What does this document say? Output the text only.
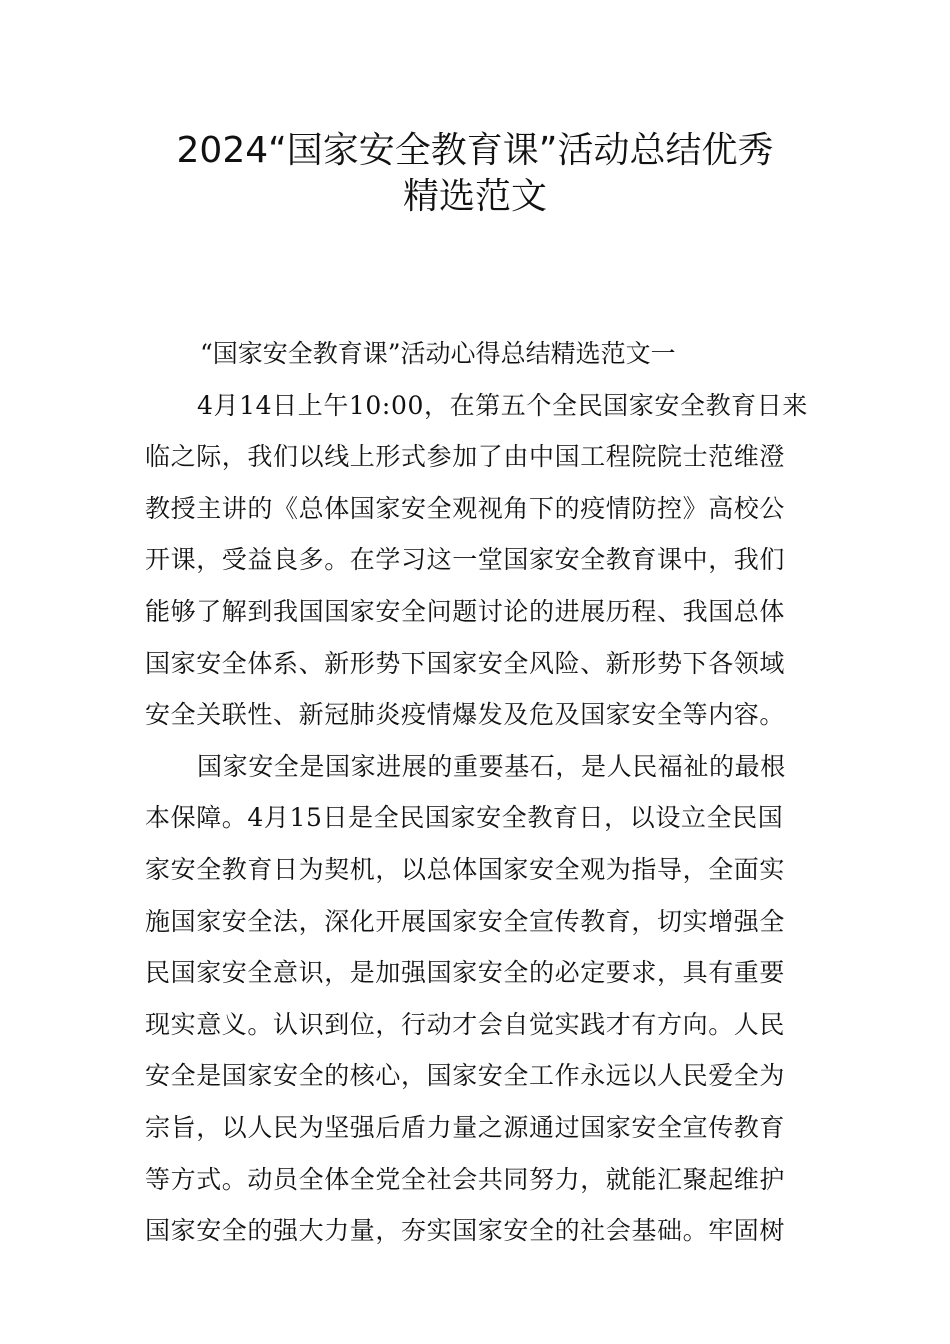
2024“国家安全教育课”活动总结优秀
精选范文

“国家安全教育课”活动心得总结精选范文一

4月14日上午10:00，在第五个全民国家安全教育日来
临之际，我们以线上形式参加了由中国工程院院士范维澄
教授主讲的《总体国家安全观视角下的疫情防控》高校公
开课，受益良多。在学习这一堂国家安全教育课中，我们
能够了解到我国国家安全问题讨论的进展历程、我国总体
国家安全体系、新形势下国家安全风险、新形势下各领域
安全关联性、新冠肺炎疫情爆发及危及国家安全等内容。

国家安全是国家进展的重要基石，是人民福祉的最根
本保障。4月15日是全民国家安全教育日，以设立全民国
家安全教育日为契机，以总体国家安全观为指导，全面实
施国家安全法，深化开展国家安全宣传教育，切实增强全
民国家安全意识，是加强国家安全的必定要求，具有重要
现实意义。认识到位，行动才会自觉实践才有方向。人民
安全是国家安全的核心，国家安全工作永远以人民爱全为
宗旨，以人民为坚强后盾力量之源通过国家安全宣传教育
等方式。动员全体全党全社会共同努力，就能汇聚起维护
国家安全的强大力量，夯实国家安全的社会基础。牢固树
